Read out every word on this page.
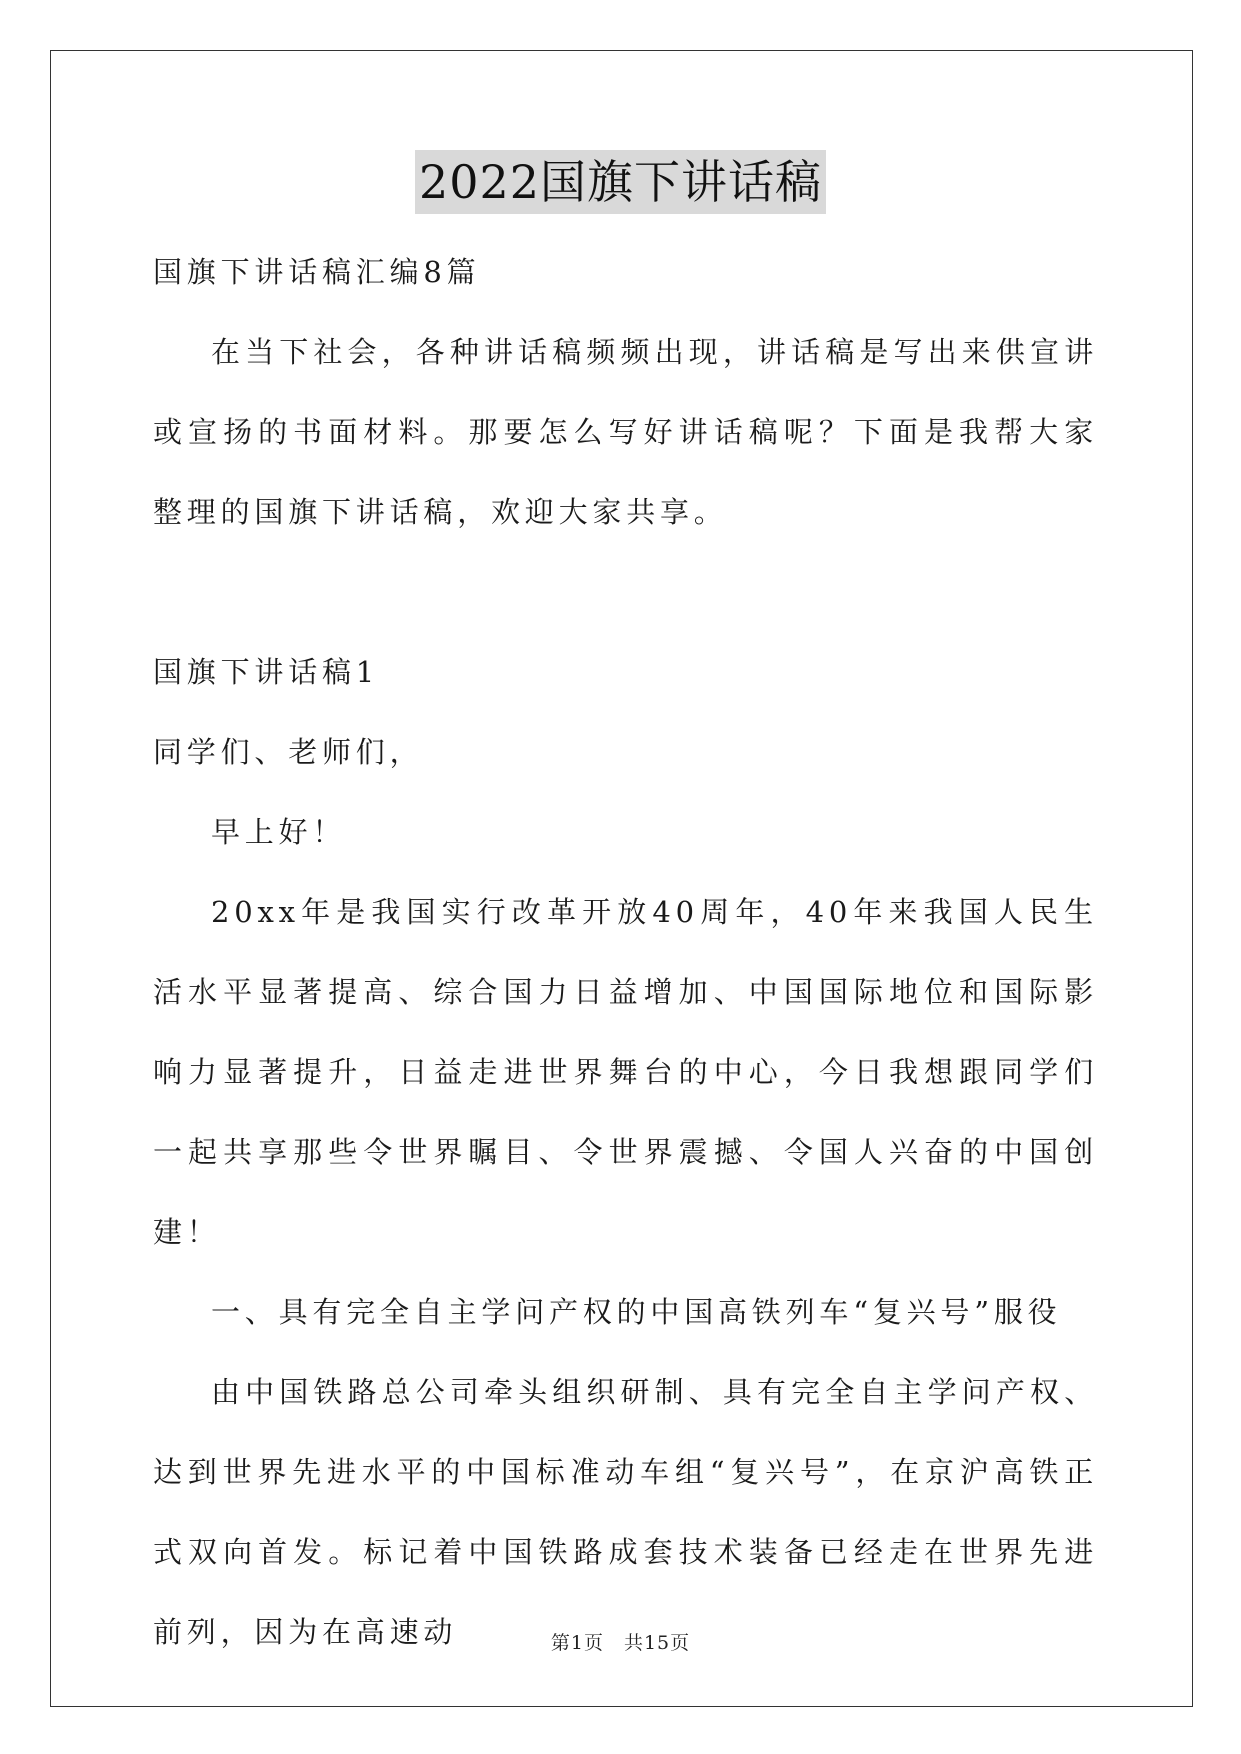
2022国旗下讲话稿

国旗下讲话稿汇编8篇

在当下社会，各种讲话稿频频出现，讲话稿是写出来供宣讲或宣扬的书面材料。那要怎么写好讲话稿呢？下面是我帮大家整理的国旗下讲话稿，欢迎大家共享。

国旗下讲话稿1

同学们、老师们，

早上好！

20xx年是我国实行改革开放40周年，40年来我国人民生活水平显著提高、综合国力日益增加、中国国际地位和国际影响力显著提升，日益走进世界舞台的中心，今日我想跟同学们一起共享那些令世界瞩目、令世界震撼、令国人兴奋的中国创建！

一、具有完全自主学问产权的中国高铁列车“复兴号”服役

由中国铁路总公司牵头组织研制、具有完全自主学问产权、达到世界先进水平的中国标准动车组“复兴号”，在京沪高铁正式双向首发。标记着中国铁路成套技术装备已经走在世界先进前列，因为在高速动	第1页　共15页
